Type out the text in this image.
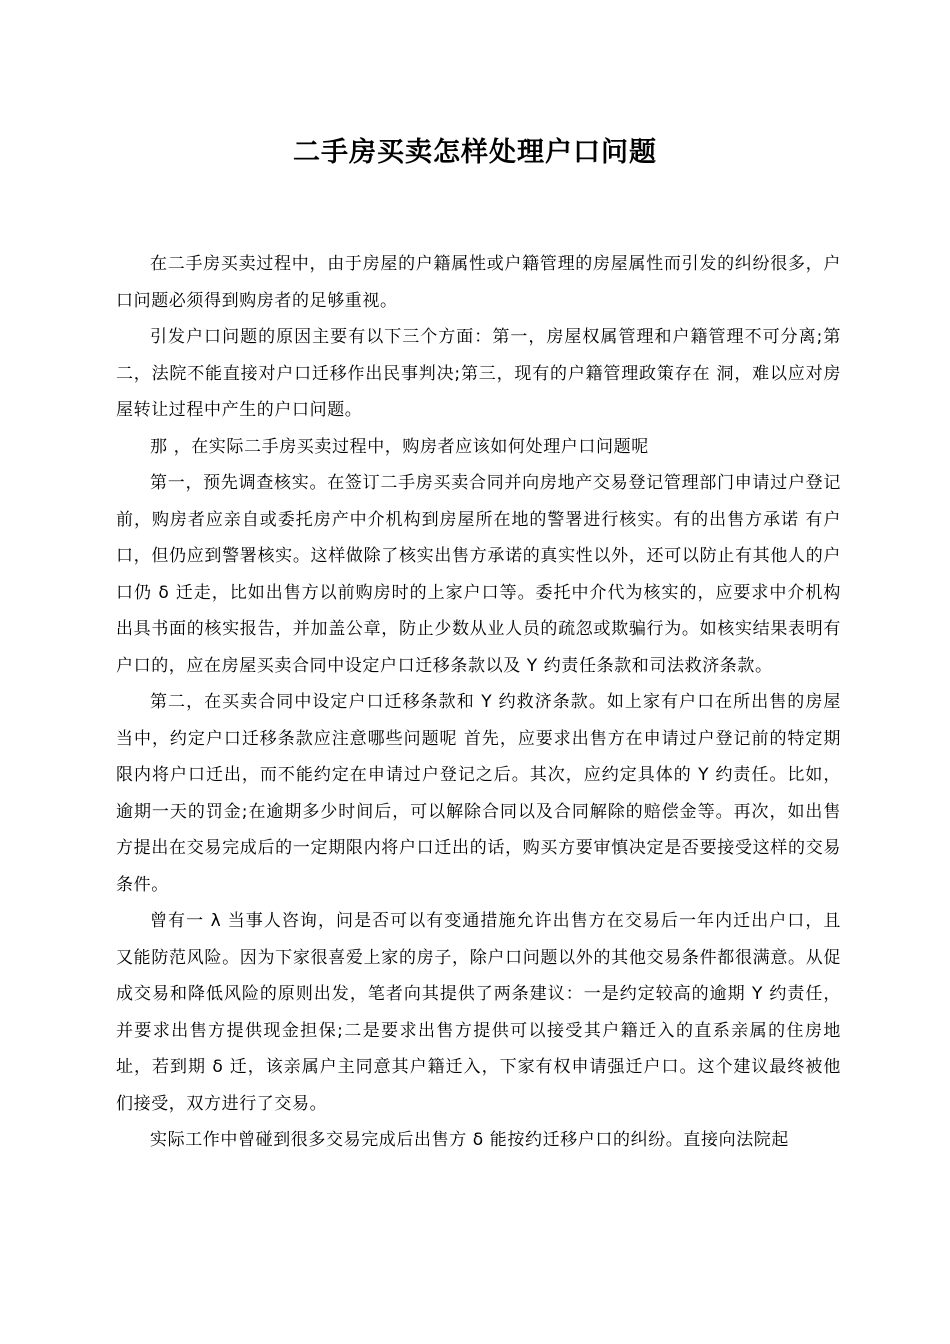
二手房买卖怎样处理户口问题

在二手房买卖过程中，由于房屋的户籍属性或户籍管理的房屋属性而引发的纠纷很多，户口问题必须得到购房者的足够重视。

引发户口问题的原因主要有以下三个方面：第一，房屋权属管理和户籍管理不可分离;第二，法院不能直接对户口迁移作出民事判决;第三，现有的户籍管理政策存在 洞，难以应对房屋转让过程中产生的户口问题。

那 ，在实际二手房买卖过程中，购房者应该如何处理户口问题呢

第一，预先调查核实。在签订二手房买卖合同并向房地产交易登记管理部门申请过户登记前，购房者应亲自或委托房产中介机构到房屋所在地的警署进行核实。有的出售方承诺 有户口，但仍应到警署核实。这样做除了核实出售方承诺的真实性以外，还可以防止有其他人的户口仍 δ 迁走，比如出售方以前购房时的上家户口等。委托中介代为核实的，应要求中介机构出具书面的核实报告，并加盖公章，防止少数从业人员的疏忽或欺骗行为。如核实结果表明有户口的，应在房屋买卖合同中设定户口迁移条款以及 Y 约责任条款和司法救济条款。

第二，在买卖合同中设定户口迁移条款和 Y 约救济条款。如上家有户口在所出售的房屋当中，约定户口迁移条款应注意哪些问题呢 首先，应要求出售方在申请过户登记前的特定期限内将户口迁出，而不能约定在申请过户登记之后。其次，应约定具体的 Y 约责任。比如， 逾期一天的罚金;在逾期多少时间后，可以解除合同以及合同解除的赔偿金等。再次，如出售方提出在交易完成后的一定期限内将户口迁出的话，购买方要审慎决定是否要接受这样的交易条件。

曾有一 λ 当事人咨询，问是否可以有变通措施允许出售方在交易后一年内迁出户口，且又能防范风险。因为下家很喜爱上家的房子，除户口问题以外的其他交易条件都很满意。从促成交易和降低风险的原则出发，笔者向其提供了两条建议：一是约定较高的逾期 Y 约责任，并要求出售方提供现金担保;二是要求出售方提供可以接受其户籍迁入的直系亲属的住房地址，若到期 δ 迁，该亲属户主同意其户籍迁入，下家有权申请强迁户口。这个建议最终被他们接受，双方进行了交易。

实际工作中曾碰到很多交易完成后出售方 δ 能按约迁移户口的纠纷。直接向法院起
